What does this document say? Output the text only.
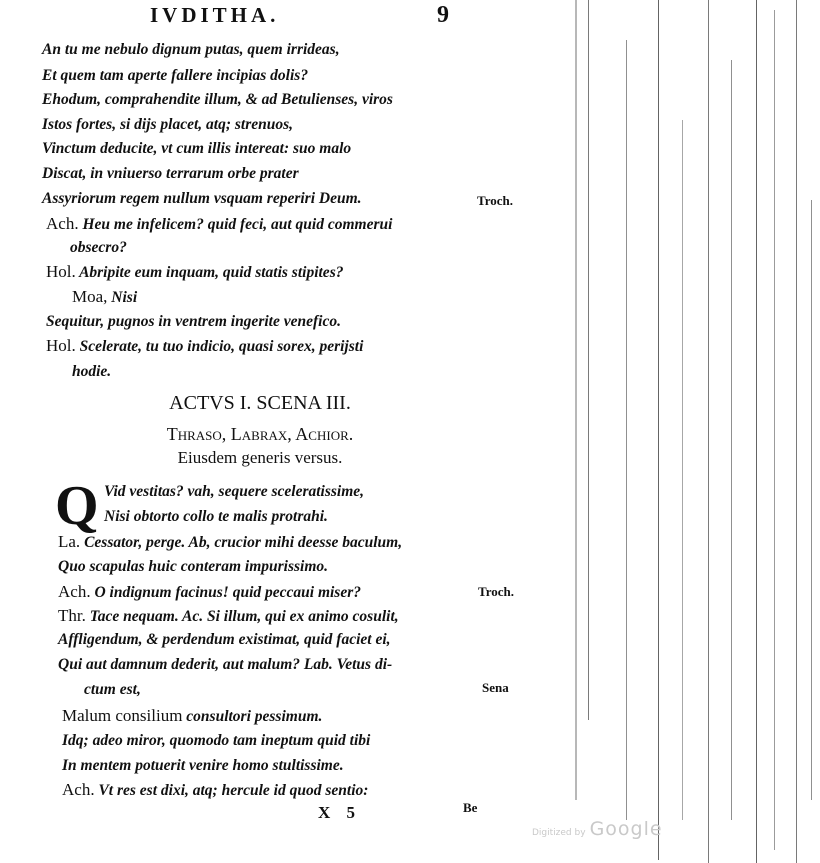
IVDITHA.	9
An tu me nebulo dignum putas, quem irrideas,
Et quem tam aperte fallere incipias dolis?
Ehodum, comprahendite illum, & ad Betulienses, viros
Istos fortes, si dijs placet, atq; strenuos,
Vinctum deducite, vt cum illis intereat: suo malo
Discat, in vniuerso terrarum orbe prater
Assyriorum regem nullum vsquam reperiri Deum.	Troch.
Ach. Heu me infelicem? quid feci, aut quid commerui
obsecro?
Hol. Abripite eum inquam, quid statis stipites?
Moa, Nisi
Sequitur, pugnos in ventrem ingerite venefico.
Hol. Scelerate, tu tuo indicio, quasi sorex, perijsti
hodie.
ACTVS I. SCENA III.
Thraso, Labrax, Achior.
Eiusdem generis versus.
Q Vid vestitas? vah, sequere sceleratissime,
Nisi obtorto collo te malis protrahi.
La. Cessator, perge. Ab, crucior mihi deesse baculum,
Quo scapulas huic conteram impurissimo.
Ach. O indignum facinus! quid peccaui miser?	Troch.
Thr. Tace nequam. Ac. Si illum, qui ex animo cosulit,
Affligendum, & perdendum existimat, quid faciet ei,
Qui aut damnum dederit, aut malum? Lab. Vetus di-
ctum est,	Sena
Malum consilium consultori pessimum.
Idq; adeo miror, quomodo tam ineptum quid tibi
In mentem potuerit venire homo stultissime.
Ach. Vt res est dixi, atq; hercule id quod sentio:
X 5	Be
Digitized by Google
